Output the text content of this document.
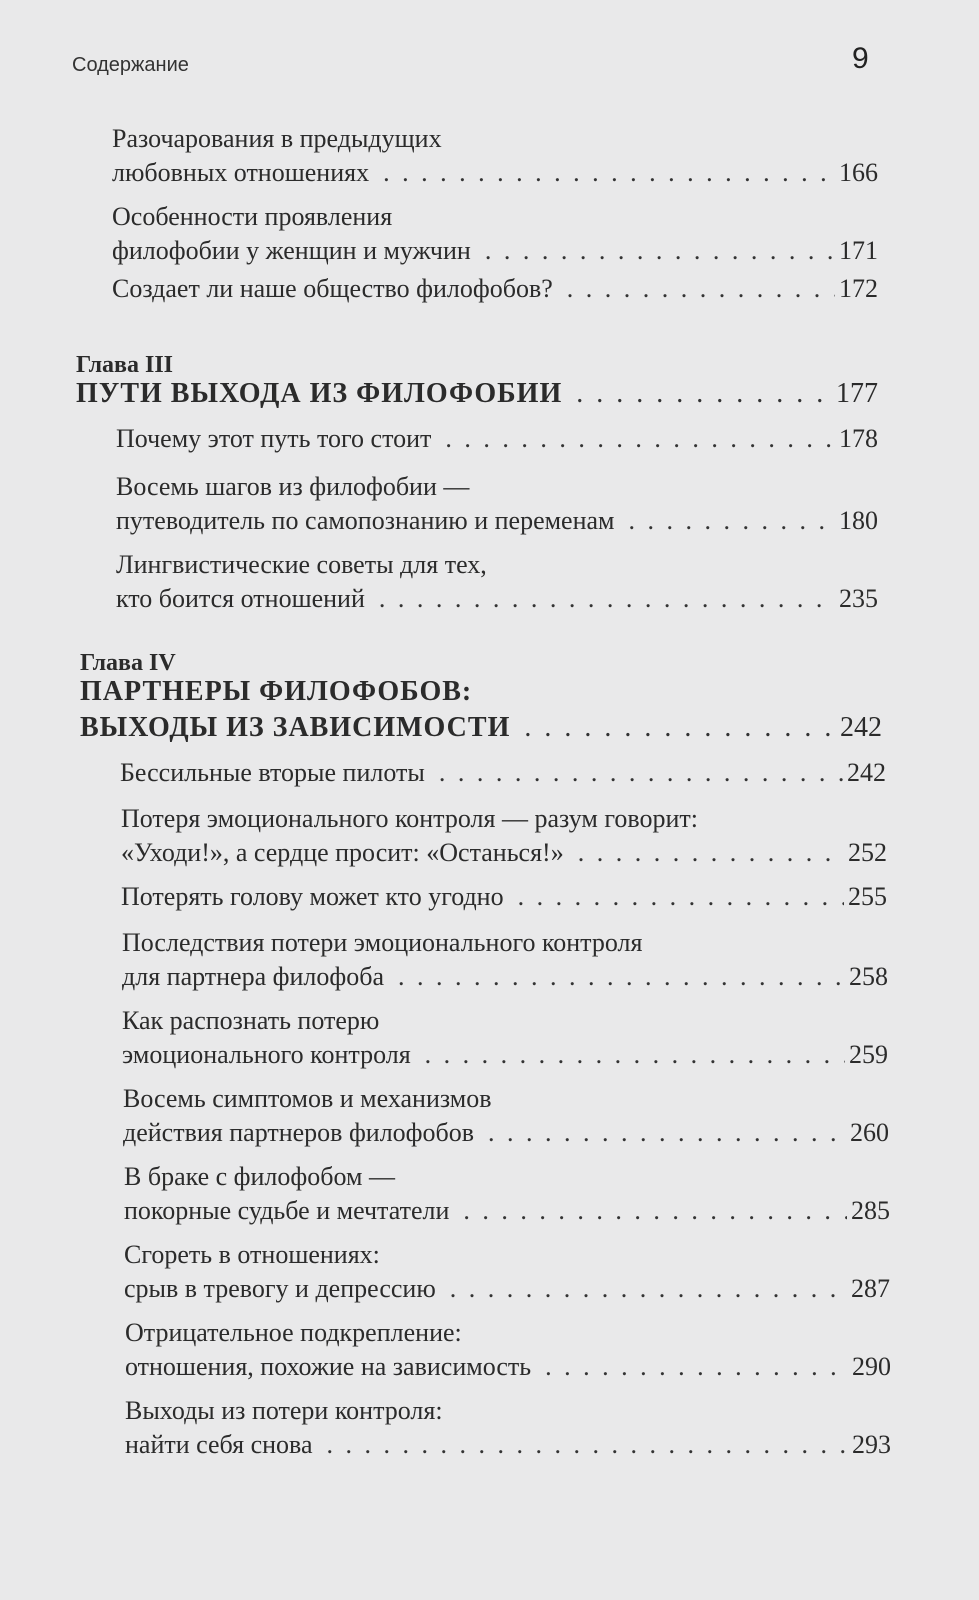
Содержание	9
Разочарования в предыдущих
любовных отношениях . . .	166
Особенности проявления
филофобии у женщин и мужчин . . .	171
Создает ли наше общество филофобов? . . .	172
Глава III
ПУТИ ВЫХОДА ИЗ ФИЛОФОБИИ . . .	177
Почему этот путь того стоит . . .	178
Восемь шагов из филофобии —
путеводитель по самопознанию и переменам . . .	180
Лингвистические советы для тех,
кто боится отношений . . .	235
Глава IV
ПАРТНЕРЫ ФИЛОФОБОВ:
ВЫХОДЫ ИЗ ЗАВИСИМОСТИ . . .	242
Бессильные вторые пилоты . . .	242
Потеря эмоционального контроля — разум говорит:
«Уходи!», а сердце просит: «Останься!» . . .	252
Потерять голову может кто угодно . . .	255
Последствия потери эмоционального контроля
для партнера филофоба . . .	258
Как распознать потерю
эмоционального контроля . . .	259
Восемь симптомов и механизмов
действия партнеров филофобов . . .	260
В браке с филофобом —
покорные судьбе и мечтатели . . .	285
Сгореть в отношениях:
срыв в тревогу и депрессию . . .	287
Отрицательное подкрепление:
отношения, похожие на зависимость . . .	290
Выходы из потери контроля:
найти себя снова . . .	293
